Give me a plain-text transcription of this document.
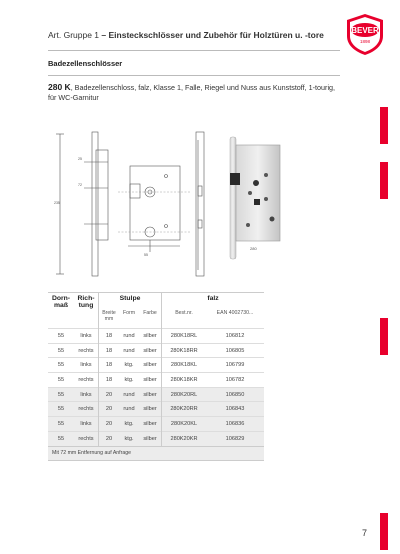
Art. Gruppe 1 – Einsteckschlösser und Zubehör für Holztüren u. -tore	BEVER
1898
Badezellenschlösser
280 K, Badezellenschloss, falz, Klasse 1, Falle, Riegel und Nuss aus Kunststoff, 1-tourig,
für WC-Garnitur
235
25
72
55
280
Dorn-maß	Rich-tung	Stulpe			falz	
		Breite mm	Form	Farbe	Best.nr.	EAN 4002730...
55	links	18	rund	silber	280K18RL	106812
55	rechts	18	rund	silber	280K18RR	106805
55	links	18	ktg.	silber	280K18KL	106799
55	rechts	18	ktg.	silber	280K18KR	106782
55	links	20	rund	silber	280K20RL	106850
55	rechts	20	rund	silber	280K20RR	106843
55	links	20	ktg.	silber	280K20KL	106836
55	rechts	20	ktg.	silber	280K20KR	106829
Mit 72 mm Entfernung auf Anfrage						
7
